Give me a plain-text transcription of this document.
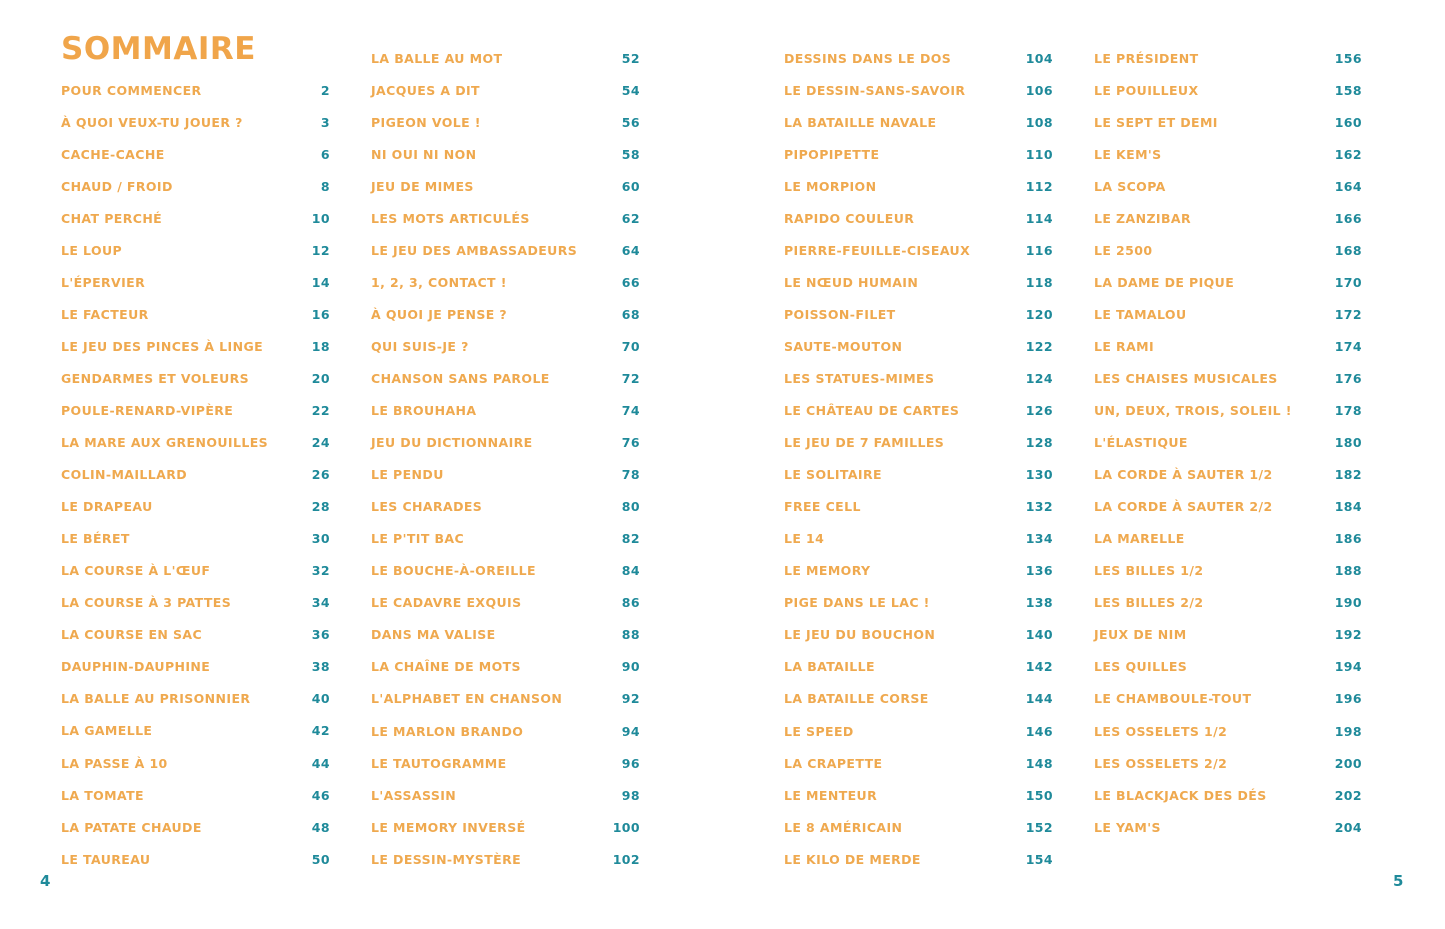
SOMMAIRE
POUR COMMENCER	2
À QUOI VEUX-TU JOUER ?	3
CACHE-CACHE	6
CHAUD / FROID	8
CHAT PERCHÉ	10
LE LOUP	12
L'ÉPERVIER	14
LE FACTEUR	16
LE JEU DES PINCES À LINGE	18
GENDARMES ET VOLEURS	20
POULE-RENARD-VIPÈRE	22
LA MARE AUX GRENOUILLES	24
COLIN-MAILLARD	26
LE DRAPEAU	28
LE BÉRET	30
LA COURSE À L'ŒUF	32
LA COURSE À 3 PATTES	34
LA COURSE EN SAC	36
DAUPHIN-DAUPHINE	38
LA BALLE AU PRISONNIER	40
LA GAMELLE	42
LA PASSE À 10	44
LA TOMATE	46
LA PATATE CHAUDE	48
LE TAUREAU	50
LA BALLE AU MOT	52
JACQUES A DIT	54
PIGEON VOLE !	56
NI OUI NI NON	58
JEU DE MIMES	60
LES MOTS ARTICULÉS	62
LE JEU DES AMBASSADEURS	64
1, 2, 3, CONTACT !	66
À QUOI JE PENSE ?	68
QUI SUIS-JE ?	70
CHANSON SANS PAROLE	72
LE BROUHAHA	74
JEU DU DICTIONNAIRE	76
LE PENDU	78
LES CHARADES	80
LE P'TIT BAC	82
LE BOUCHE-À-OREILLE	84
LE CADAVRE EXQUIS	86
DANS MA VALISE	88
LA CHAÎNE DE MOTS	90
L'ALPHABET EN CHANSON	92
LE MARLON BRANDO	94
LE TAUTOGRAMME	96
L'ASSASSIN	98
LE MEMORY INVERSÉ	100
LE DESSIN-MYSTÈRE	102
DESSINS DANS LE DOS	104
LE DESSIN-SANS-SAVOIR	106
LA BATAILLE NAVALE	108
PIPOPIPETTE	110
LE MORPION	112
RAPIDO COULEUR	114
PIERRE-FEUILLE-CISEAUX	116
LE NŒUD HUMAIN	118
POISSON-FILET	120
SAUTE-MOUTON	122
LES STATUES-MIMES	124
LE CHÂTEAU DE CARTES	126
LE JEU DE 7 FAMILLES	128
LE SOLITAIRE	130
FREE CELL	132
LE 14	134
LE MEMORY	136
PIGE DANS LE LAC !	138
LE JEU DU BOUCHON	140
LA BATAILLE	142
LA BATAILLE CORSE	144
LE SPEED	146
LA CRAPETTE	148
LE MENTEUR	150
LE 8 AMÉRICAIN	152
LE KILO DE MERDE	154
LE PRÉSIDENT	156
LE POUILLEUX	158
LE SEPT ET DEMI	160
LE KEM'S	162
LA SCOPA	164
LE ZANZIBAR	166
LE 2500	168
LA DAME DE PIQUE	170
LE TAMALOU	172
LE RAMI	174
LES CHAISES MUSICALES	176
UN, DEUX, TROIS, SOLEIL !	178
L'ÉLASTIQUE	180
LA CORDE À SAUTER 1/2	182
LA CORDE À SAUTER 2/2	184
LA MARELLE	186
LES BILLES 1/2	188
LES BILLES 2/2	190
JEUX DE NIM	192
LES QUILLES	194
LE CHAMBOULE-TOUT	196
LES OSSELETS 1/2	198
LES OSSELETS 2/2	200
LE BLACKJACK DES DÉS	202
LE YAM'S	204
4	5
